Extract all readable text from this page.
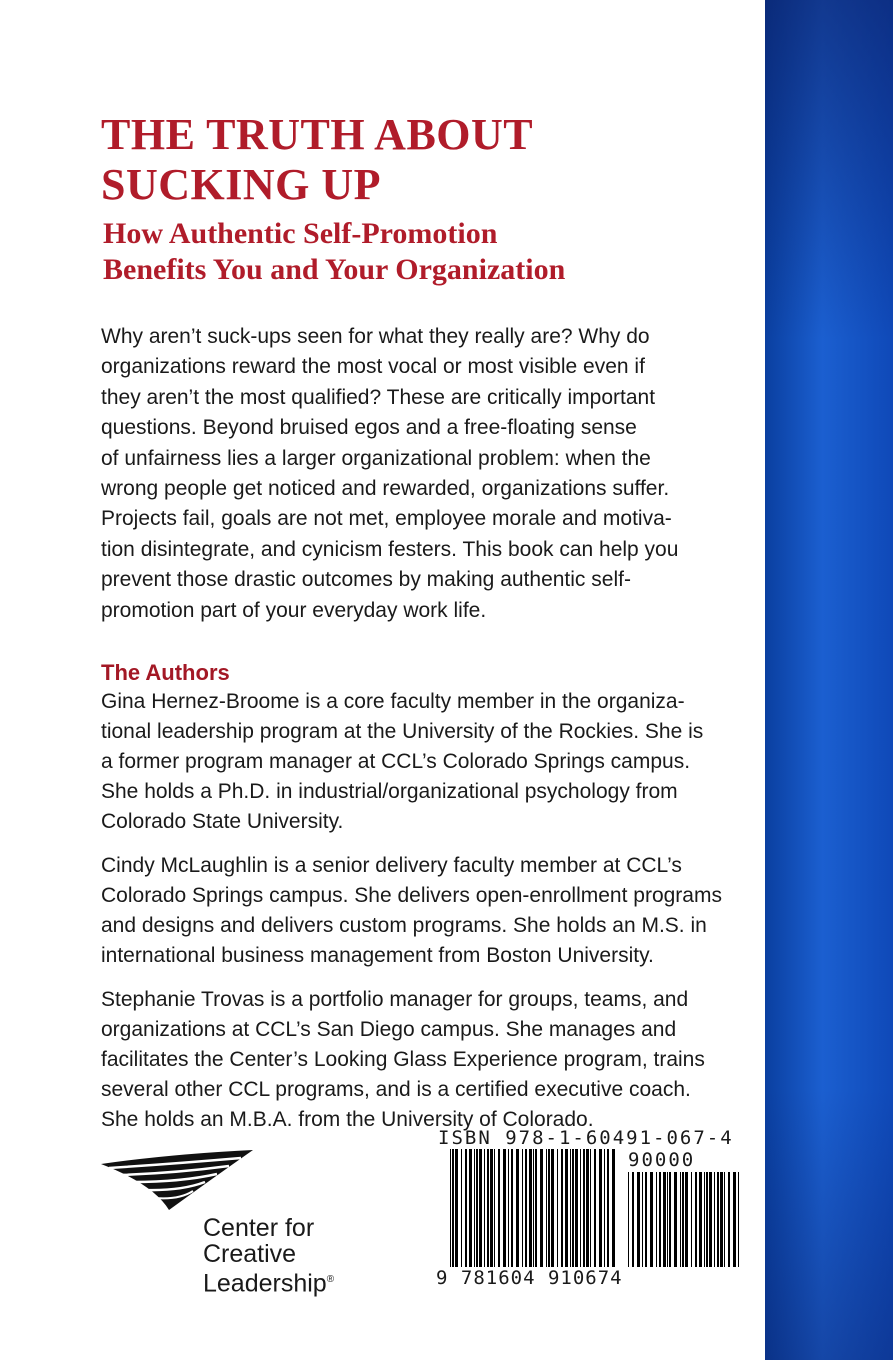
THE TRUTH ABOUT
SUCKING UP
How Authentic Self-Promotion
Benefits You and Your Organization
Why aren’t suck-ups seen for what they really are? Why do
organizations reward the most vocal or most visible even if
they aren’t the most qualified? These are critically important
questions. Beyond bruised egos and a free-floating sense
of unfairness lies a larger organizational problem: when the
wrong people get noticed and rewarded, organizations suffer.
Projects fail, goals are not met, employee morale and motiva-
tion disintegrate, and cynicism festers. This book can help you
prevent those drastic outcomes by making authentic self-
promotion part of your everyday work life.
The Authors
Gina Hernez-Broome is a core faculty member in the organiza-
tional leadership program at the University of the Rockies. She is
a former program manager at CCL’s Colorado Springs campus.
She holds a Ph.D. in industrial/organizational psychology from
Colorado State University.
Cindy McLaughlin is a senior delivery faculty member at CCL’s
Colorado Springs campus. She delivers open-enrollment programs
and designs and delivers custom programs. She holds an M.S. in
international business management from Boston University.
Stephanie Trovas is a portfolio manager for groups, teams, and
organizations at CCL’s San Diego campus. She manages and
facilitates the Center’s Looking Glass Experience program, trains
several other CCL programs, and is a certified executive coach.
She holds an M.B.A. from the University of Colorado.
Center for
Creative
Leadership®
ISBN 978-1-60491-067-4
90000
9 781604 910674
